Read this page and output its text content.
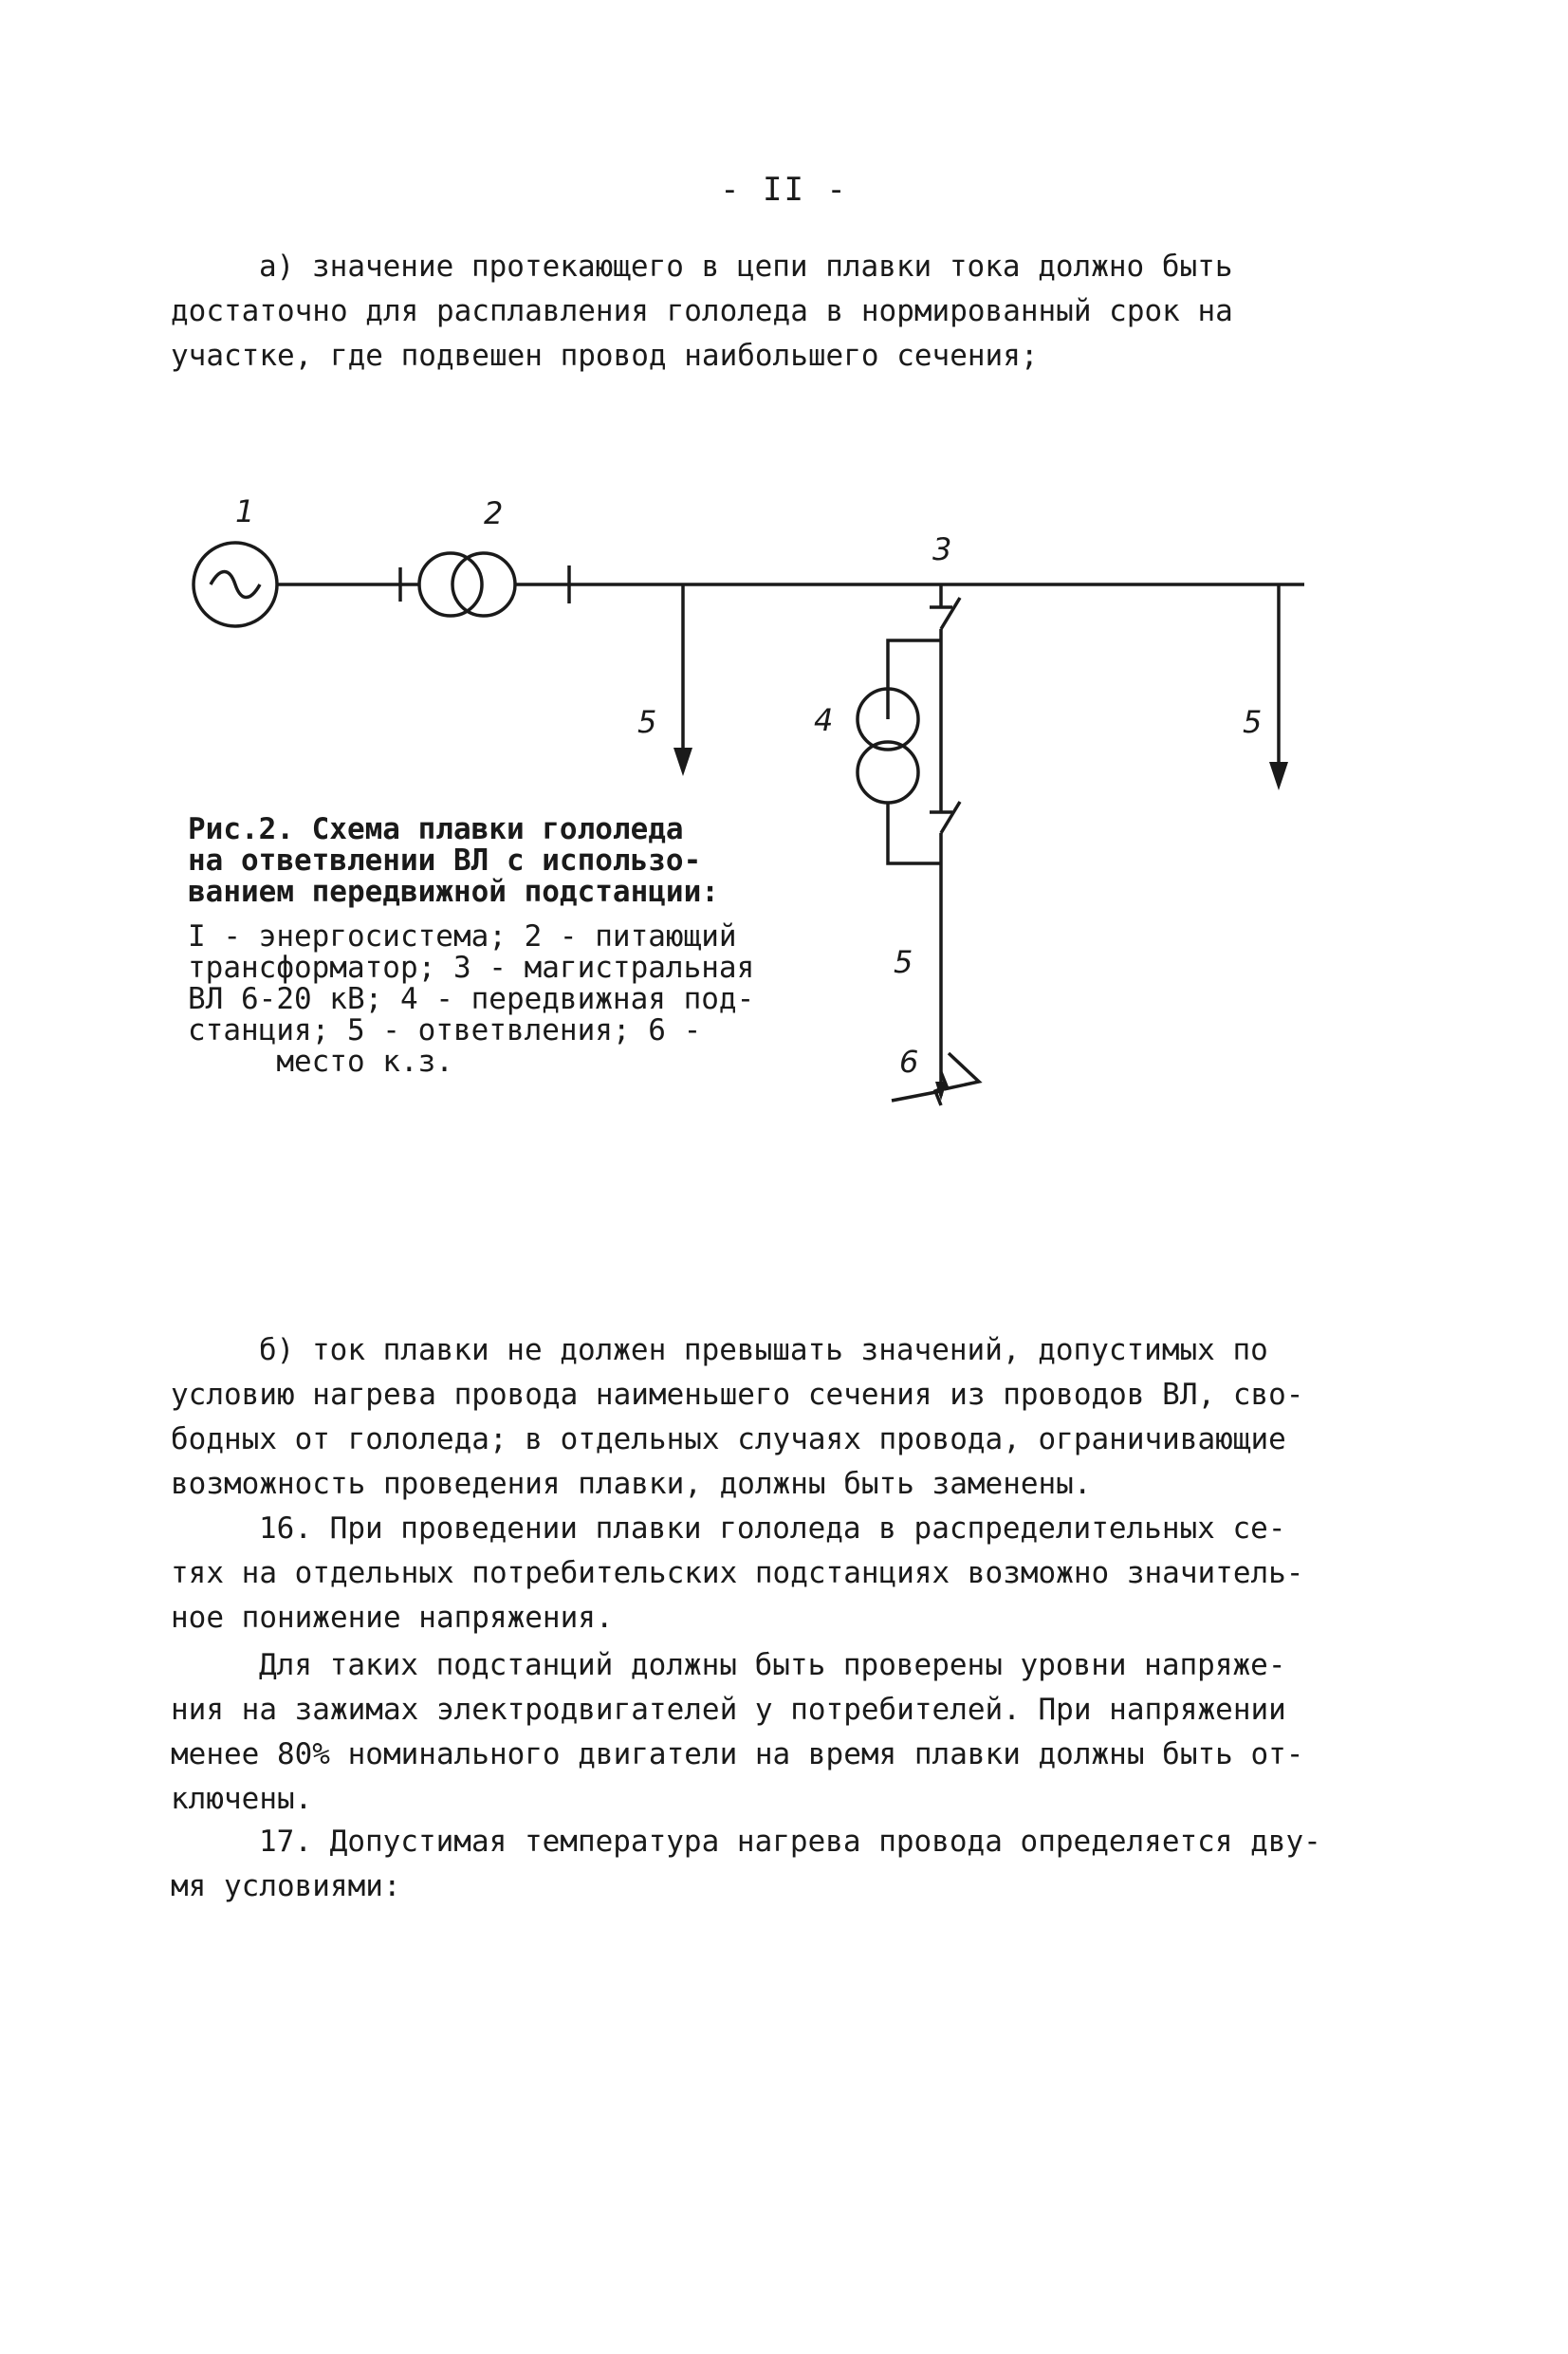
- II -
а) значение протекающего в цепи плавки тока должно быть
достаточно для расплавления гололеда в нормированный срок на
участке, где подвешен провод наибольшего сечения;
1	2
3
4
5	5
5
6
Рис.2. Схема плавки гололеда
на ответвлении ВЛ с использо-
ванием передвижной подстанции:
I - энергосистема; 2 - питающий
трансформатор; 3 - магистральная
ВЛ 6-20 кВ; 4 - передвижная под-
станция; 5 - ответвления; 6 -
место к.з.
б) ток плавки не должен превышать значений, допустимых по
условию нагрева провода наименьшего сечения из проводов ВЛ, сво-
бодных от гололеда; в отдельных случаях провода, ограничивающие
возможность проведения плавки, должны быть заменены.
16. При проведении плавки гололеда в распределительных се-
тях на отдельных потребительских подстанциях возможно значитель-
ное понижение напряжения.
Для таких подстанций должны быть проверены уровни напряже-
ния на зажимах электродвигателей у потребителей. При напряжении
менее 80% номинального двигатели на время плавки должны быть от-
ключены.
17. Допустимая температура нагрева провода определяется дву-
мя условиями:
